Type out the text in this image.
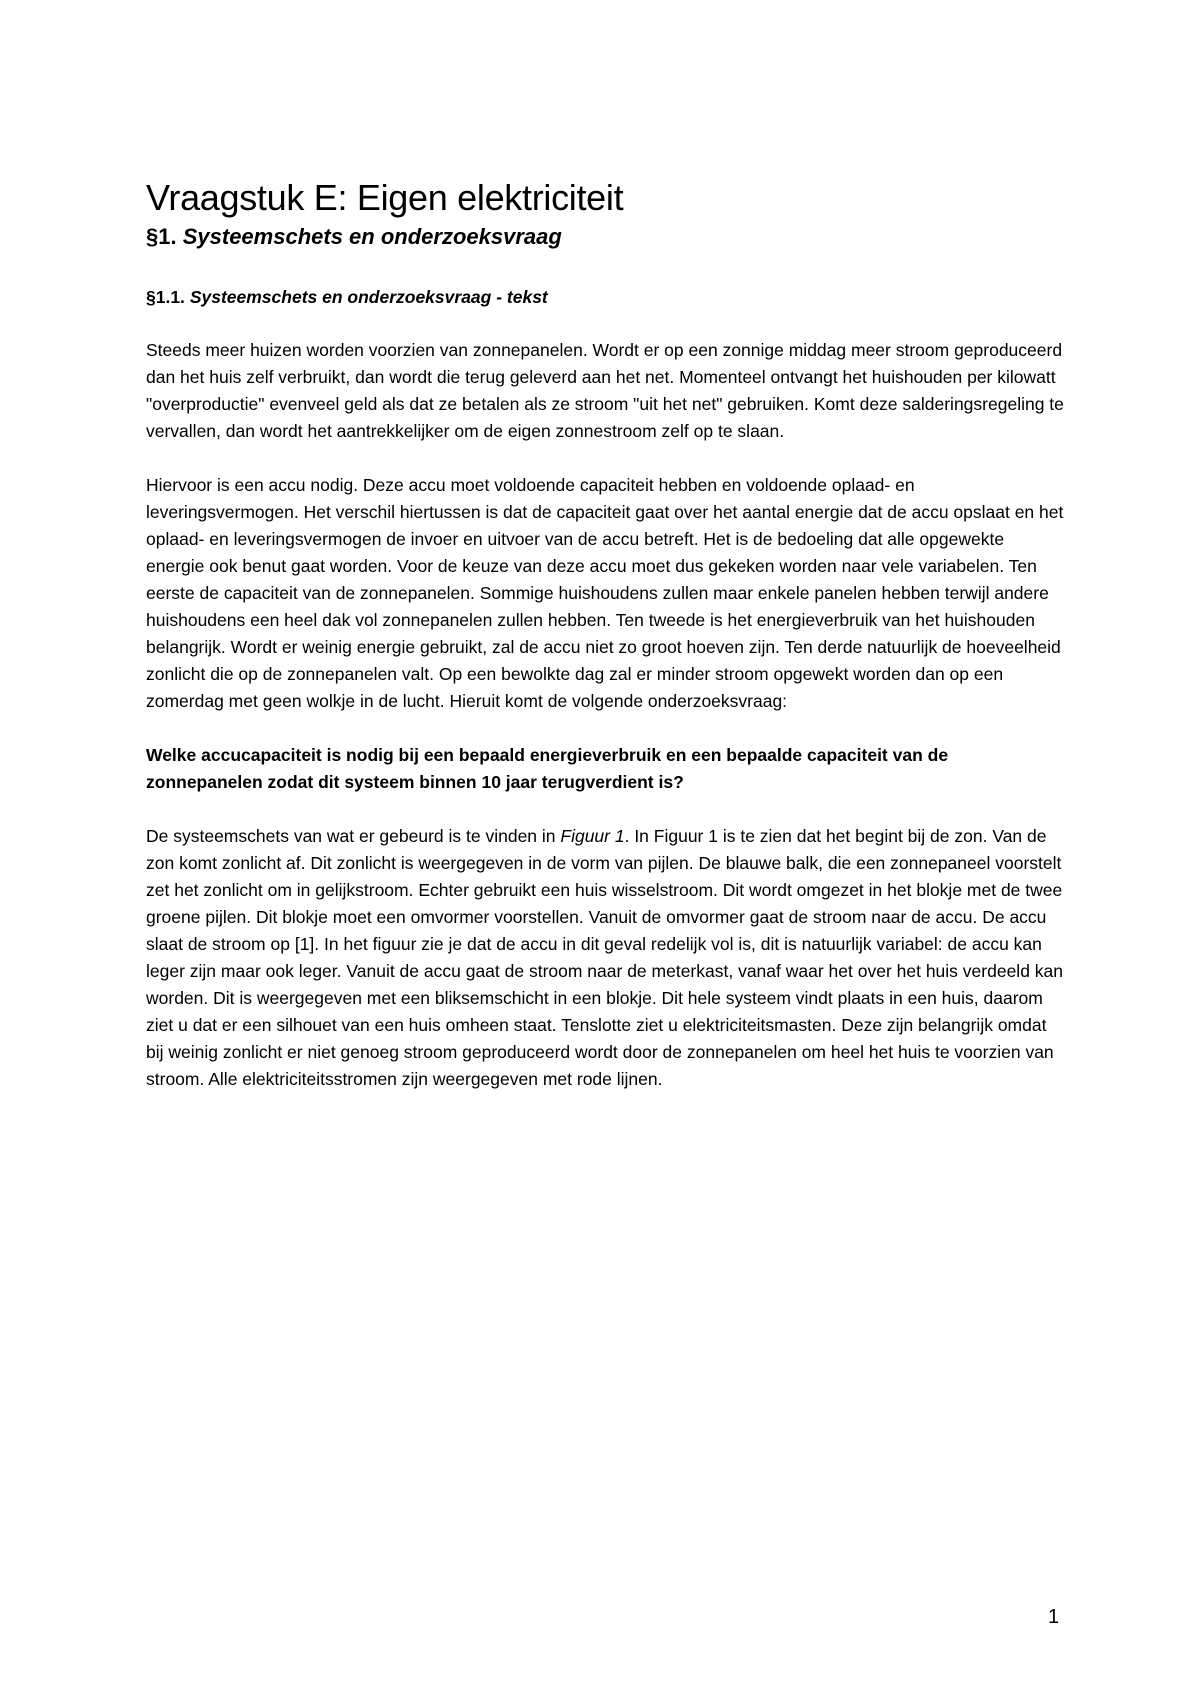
Vraagstuk E: Eigen elektriciteit
§1. Systeemschets en onderzoeksvraag
§1.1. Systeemschets en onderzoeksvraag - tekst

Steeds meer huizen worden voorzien van zonnepanelen. Wordt er op een zonnige middag meer stroom geproduceerd dan het huis zelf verbruikt, dan wordt die terug geleverd aan het net. Momenteel ontvangt het huishouden per kilowatt "overproductie" evenveel geld als dat ze betalen als ze stroom "uit het net" gebruiken. Komt deze salderingsregeling te vervallen, dan wordt het aantrekkelijker om de eigen zonnestroom zelf op te slaan.

Hiervoor is een accu nodig. Deze accu moet voldoende capaciteit hebben en voldoende oplaad- en leveringsvermogen. Het verschil hiertussen is dat de capaciteit gaat over het aantal energie dat de accu opslaat en het oplaad- en leveringsvermogen de invoer en uitvoer van de accu betreft. Het is de bedoeling dat alle opgewekte energie ook benut gaat worden. Voor de keuze van deze accu moet dus gekeken worden naar vele variabelen. Ten eerste de capaciteit van de zonnepanelen. Sommige huishoudens zullen maar enkele panelen hebben terwijl andere huishoudens een heel dak vol zonnepanelen zullen hebben. Ten tweede is het energieverbruik van het huishouden belangrijk. Wordt er weinig energie gebruikt, zal de accu niet zo groot hoeven zijn. Ten derde natuurlijk de hoeveelheid zonlicht die op de zonnepanelen valt. Op een bewolkte dag zal er minder stroom opgewekt worden dan op een zomerdag met geen wolkje in de lucht. Hieruit komt de volgende onderzoeksvraag:

Welke accucapaciteit is nodig bij een bepaald energieverbruik en een bepaalde capaciteit van de zonnepanelen zodat dit systeem binnen 10 jaar terugverdient is?

De systeemschets van wat er gebeurd is te vinden in Figuur 1. In Figuur 1 is te zien dat het begint bij de zon. Van de zon komt zonlicht af. Dit zonlicht is weergegeven in de vorm van pijlen. De blauwe balk, die een zonnepaneel voorstelt zet het zonlicht om in gelijkstroom. Echter gebruikt een huis wisselstroom. Dit wordt omgezet in het blokje met de twee groene pijlen. Dit blokje moet een omvormer voorstellen. Vanuit de omvormer gaat de stroom naar de accu. De accu slaat de stroom op [1]. In het figuur zie je dat de accu in dit geval redelijk vol is, dit is natuurlijk variabel: de accu kan leger zijn maar ook leger. Vanuit de accu gaat de stroom naar de meterkast, vanaf waar het over het huis verdeeld kan worden. Dit is weergegeven met een bliksemschicht in een blokje. Dit hele systeem vindt plaats in een huis, daarom ziet u dat er een silhouet van een huis omheen staat. Tenslotte ziet u elektriciteitsmasten. Deze zijn belangrijk omdat bij weinig zonlicht er niet genoeg stroom geproduceerd wordt door de zonnepanelen om heel het huis te voorzien van stroom. Alle elektriciteitsstromen zijn weergegeven met rode lijnen.

1
